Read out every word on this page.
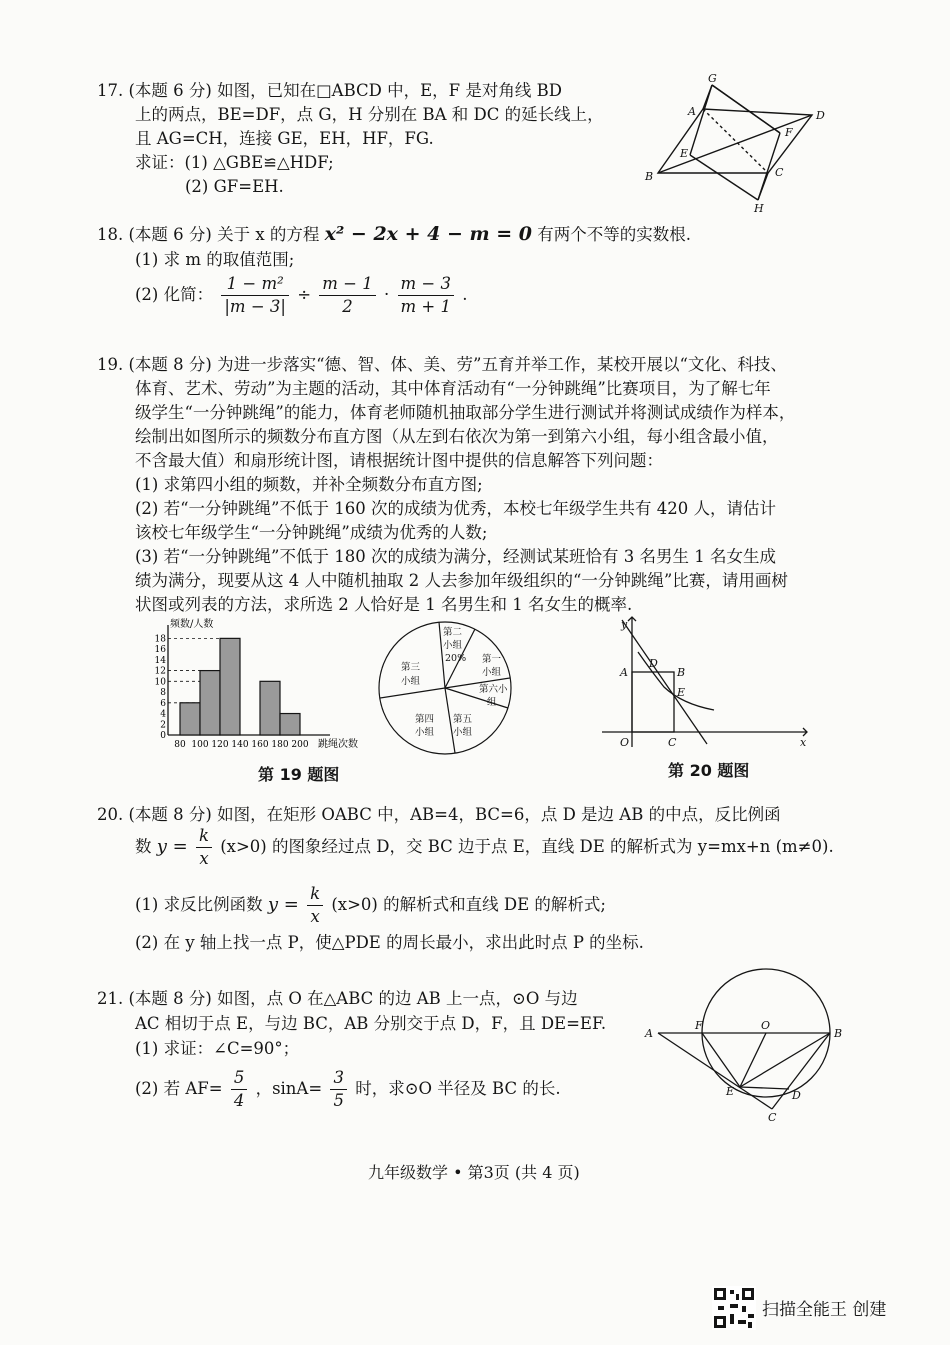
17. (本题 6 分) 如图，已知在□ABCD 中，E，F 是对角线 BD
上的两点，BE=DF，点 G，H 分别在 BA 和 DC 的延长线上，
且 AG=CH，连接 GE，EH，HF，FG.
求证：(1) △GBE≌△HDF;
(2) GF=EH.
G
A	D
F
E
B	C
H
18. (本题 6 分) 关于 x 的方程 x² − 2x + 4 − m = 0 有两个不等的实数根.
(1) 求 m 的取值范围;
(2) 化简： $\frac{\text{1 − m²}}{|m - 3|} \div \frac{m - 1}{2} \cdot \frac{m - 3}{m + 1}$ .
19. (本题 8 分) 为进一步落实“德、智、体、美、劳”五育并举工作，某校开展以“文化、科技、
体育、艺术、劳动”为主题的活动，其中体育活动有“一分钟跳绳”比赛项目，为了解七年
级学生“一分钟跳绳”的能力，体育老师随机抽取部分学生进行测试并将测试成绩作为样本，
绘制出如图所示的频数分布直方图（从左到右依次为第一到第六小组，每小组含最小值，
不含最大值）和扇形统计图，请根据统计图中提供的信息解答下列问题：
(1) 求第四小组的频数，并补全频数分布直方图;
(2) 若“一分钟跳绳”不低于 160 次的成绩为优秀，本校七年级学生共有 420 人，请估计
该校七年级学生“一分钟跳绳”成绩为优秀的人数;
(3) 若“一分钟跳绳”不低于 180 次的成绩为满分，经测试某班恰有 3 名男生 1 名女生成
绩为满分，现要从这 4 人中随机抽取 2 人去参加年级组织的“一分钟跳绳”比赛，请用画树
状图或列表的方法，求所选 2 人恰好是 1 名男生和 1 名女生的概率.
频数/人数
跳绳次数
18
16
14
12
10
8
6
4
2
0
80 100 120 140 160 180 200
第二
小组
20% 第一
小组
第三
小组
第六小
组
第五
小组
第四
小组
第 19 题图
y
x
O
A
D
B
E
C
第 20 题图
20. (本题 8 分) 如图，在矩形 OABC 中，AB=4，BC=6，点 D 是边 AB 的中点，反比例函
数 $y = \frac{k}{x} (x>0)$ 的图象经过点 D，交 BC 边于点 E，直线 DE 的解析式为 y=mx+n (m≠0).
(1) 求反比例函数 $y = \frac{k}{x} (x>0)$ 的解析式和直线 DE 的解析式;
(2) 在 y 轴上找一点 P，使△PDE 的周长最小，求出此时点 P 的坐标.
21. (本题 8 分) 如图，点 O 在△ABC 的边 AB 上一点，⊙O 与边
AC 相切于点 E，与边 BC，AB 分别交于点 D，F，且 DE=EF.
(1) 求证：∠C=90°；
(2) 若 $AF= \frac{5}{4}$ ，$\sin A= \frac{3}{5}$ 时，求⊙O 半径及 BC 的长.
A
F	O
B
E	D
C
九年级数学 • 第3页 (共 4 页)
扫描全能王 创建
